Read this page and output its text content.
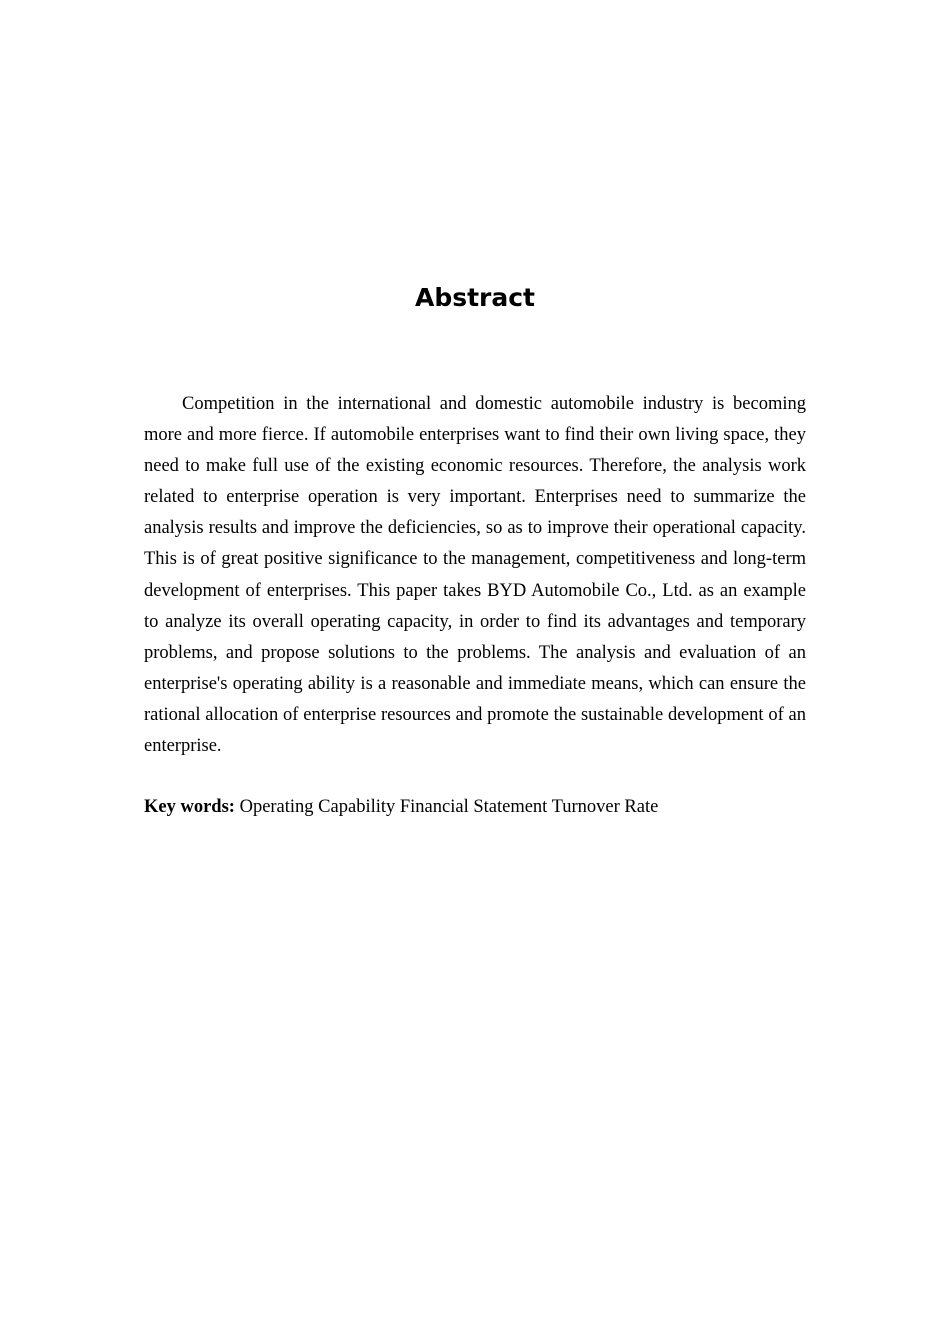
Abstract

Competition in the international and domestic automobile industry is becoming more and more fierce. If automobile enterprises want to find their own living space, they need to make full use of the existing economic resources. Therefore, the analysis work related to enterprise operation is very important. Enterprises need to summarize the analysis results and improve the deficiencies, so as to improve their operational capacity. This is of great positive significance to the management, competitiveness and long-term development of enterprises. This paper takes BYD Automobile Co., Ltd. as an example to analyze its overall operating capacity, in order to find its advantages and temporary problems, and propose solutions to the problems. The analysis and evaluation of an enterprise's operating ability is a reasonable and immediate means, which can ensure the rational allocation of enterprise resources and promote the sustainable development of an enterprise.

Key words: Operating Capability Financial Statement Turnover Rate
